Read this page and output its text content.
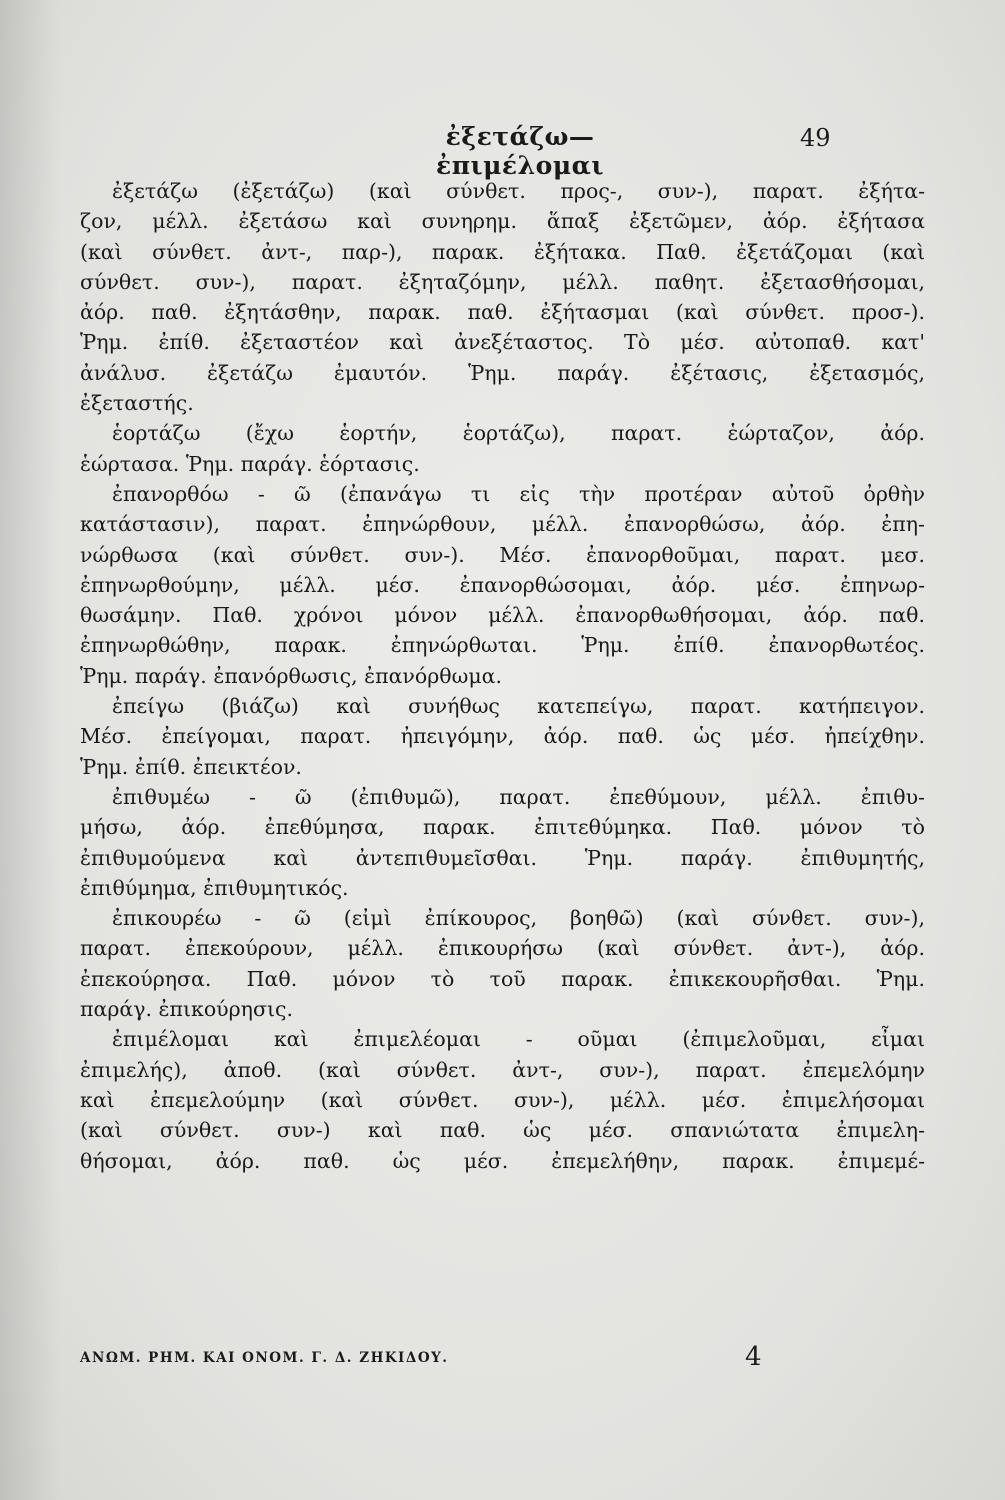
ἐξετάζω—ἐπιμέλομαι
49
ἐξετάζω (ἐξετάζω) (καὶ σύνθετ. προς-, συν-), παρατ. ἐξήτα-
ζον, μέλλ. ἐξετάσω καὶ συνηρημ. ἅπαξ ἐξετῶμεν, ἀόρ. ἐξήτασα
(καὶ σύνθετ. ἀντ-, παρ-), παρακ. ἐξήτακα. Παθ. ἐξετάζομαι (καὶ
σύνθετ. συν-), παρατ. ἐξηταζόμην, μέλλ. παθητ. ἐξετασθήσομαι,
ἀόρ. παθ. ἐξητάσθην, παρακ. παθ. ἐξήτασμαι (καὶ σύνθετ. προσ-).
Ῥημ. ἐπίθ. ἐξεταστέον καὶ ἀνεξέταστος. Τὸ μέσ. αὐτοπαθ. κατ'
ἀνάλυσ. ἐξετάζω ἐμαυτόν. Ῥημ. παράγ. ἐξέτασις, ἐξετασμός,
ἐξεταστής.
ἑορτάζω (ἔχω ἑορτήν, ἑορτάζω), παρατ. ἑώρταζον, ἀόρ.
ἑώρτασα. Ῥημ. παράγ. ἑόρτασις.
ἐπανορθόω - ῶ (ἐπανάγω τι εἰς τὴν προτέραν αὐτοῦ ὀρθὴν
κατάστασιν), παρατ. ἐπηνώρθουν, μέλλ. ἐπανορθώσω, ἀόρ. ἐπη-
νώρθωσα (καὶ σύνθετ. συν-). Μέσ. ἐπανορθοῦμαι, παρατ. μεσ.
ἐπηνωρθούμην, μέλλ. μέσ. ἐπανορθώσομαι, ἀόρ. μέσ. ἐπηνωρ-
θωσάμην. Παθ. χρόνοι μόνον μέλλ. ἐπανορθωθήσομαι, ἀόρ. παθ.
ἐπηνωρθώθην, παρακ. ἐπηνώρθωται. Ῥημ. ἐπίθ. ἐπανορθωτέος.
Ῥημ. παράγ. ἐπανόρθωσις, ἐπανόρθωμα.
ἐπείγω (βιάζω) καὶ συνήθως κατεπείγω, παρατ. κατήπειγον.
Μέσ. ἐπείγομαι, παρατ. ἠπειγόμην, ἀόρ. παθ. ὡς μέσ. ἠπείχθην.
Ῥημ. ἐπίθ. ἐπεικτέον.
ἐπιθυμέω - ῶ (ἐπιθυμῶ), παρατ. ἐπεθύμουν, μέλλ. ἐπιθυ-
μήσω, ἀόρ. ἐπεθύμησα, παρακ. ἐπιτεθύμηκα. Παθ. μόνον τὸ
ἐπιθυμούμενα καὶ ἀντεπιθυμεῖσθαι. Ῥημ. παράγ. ἐπιθυμητής,
ἐπιθύμημα, ἐπιθυμητικός.
ἐπικουρέω - ῶ (εἰμὶ ἐπίκουρος, βοηθῶ) (καὶ σύνθετ. συν-),
παρατ. ἐπεκούρουν, μέλλ. ἐπικουρήσω (καὶ σύνθετ. ἀντ-), ἀόρ.
ἐπεκούρησα. Παθ. μόνον τὸ τοῦ παρακ. ἐπικεκουρῆσθαι. Ῥημ.
παράγ. ἐπικούρησις.
ἐπιμέλομαι καὶ ἐπιμελέομαι - οῦμαι (ἐπιμελοῦμαι, εἶμαι
ἐπιμελής), ἀποθ. (καὶ σύνθετ. ἀντ-, συν-), παρατ. ἐπεμελόμην
καὶ ἐπεμελούμην (καὶ σύνθετ. συν-), μέλλ. μέσ. ἐπιμελήσομαι
(καὶ σύνθετ. συν-) καὶ παθ. ὡς μέσ. σπανιώτατα ἐπιμελη-
θήσομαι, ἀόρ. παθ. ὡς μέσ. ἐπεμελήθην, παρακ. ἐπιμεμέ-
ΑΝΩΜ. ΡΗΜ. ΚΑΙ ΟΝΟΜ. Γ. Δ. ΖΗΚΙΔΟΥ.	4
